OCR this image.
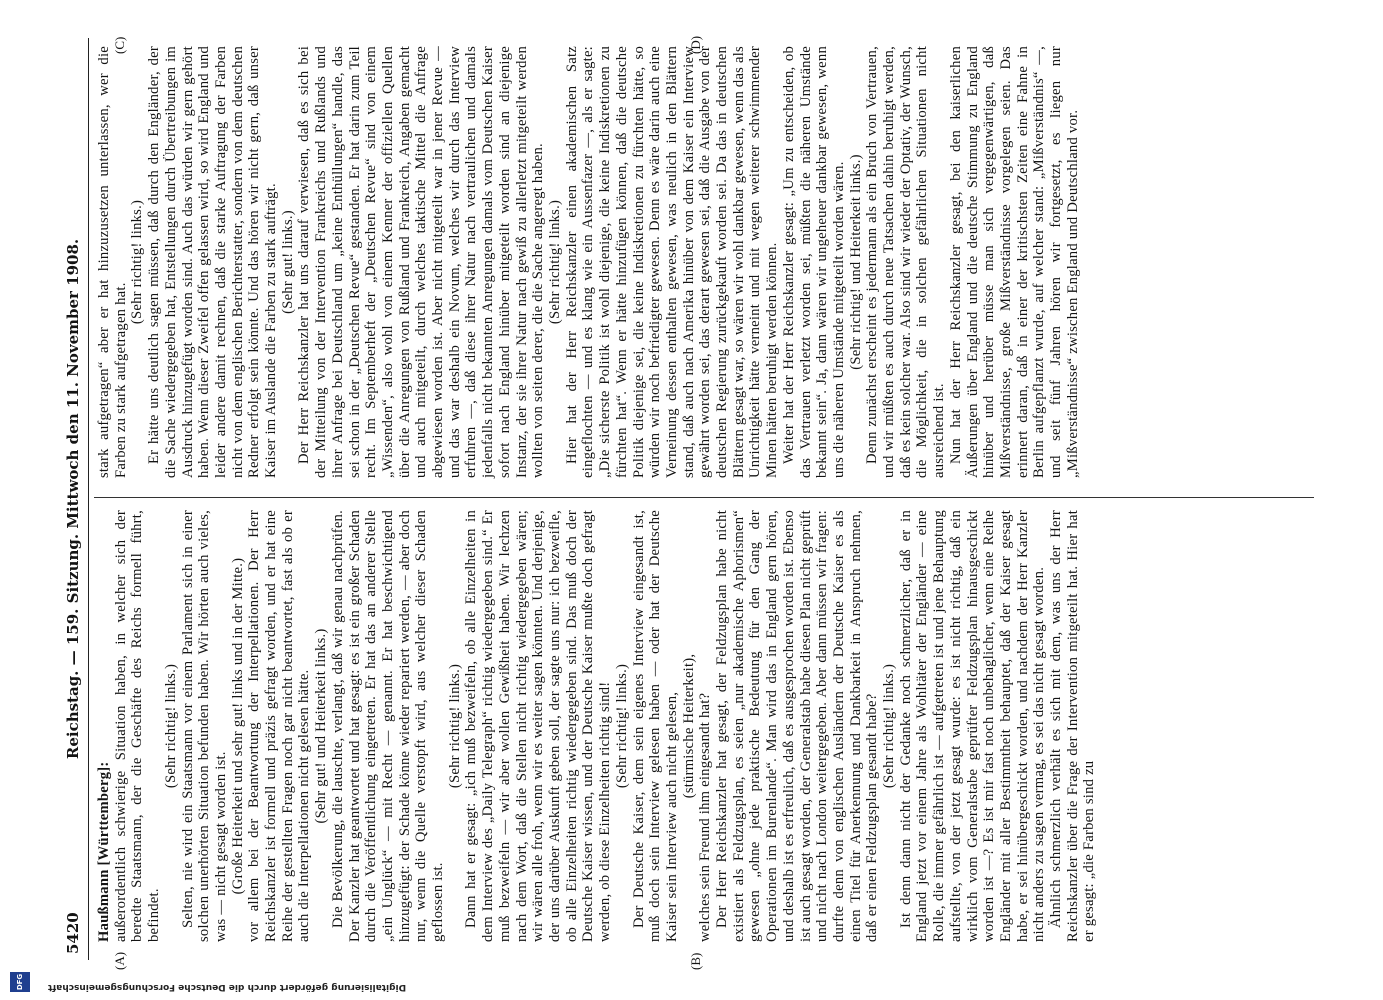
DFG	Digitalisierung gefördert durch die Deutsche Forschungsgemeinschaft
5420
Reichstag. — 159. Sitzung. Mittwoch den 11. November 1908.
(A)	(B)
(C)	(D)

Haußmann [Württemberg]: außerordentlich schwierige Situation haben, in welcher sich der beredte Staatsmann, der die Geschäfte des Reichs formell führt, befindet.

(Sehr richtig! links.) Selten, nie wird ein Staatsmann vor einem Parlament sich in einer solchen unerhörten Situation befunden haben. Wir hörten auch vieles, was — nicht gesagt worden ist. (Große Heiterkeit und sehr gut! links und in der Mitte.) vor allem bei der Beantwortung der Interpellationen. Der Herr Reichskanzler ist formell und präzis gefragt worden, und er hat eine Reihe der gestellten Fragen noch gar nicht beantwortet, fast als ob er auch die Interpellationen nicht gelesen hätte. (Sehr gut! und Heiterkeit links.) Die Bevölkerung, die lauschte, verlangt, daß wir genau nachprüfen. Der Kanzler hat geantwortet und hat gesagt: es ist ein großer Schaden durch die Veröffentlichung eingetreten. Er hat das an anderer Stelle „ein Unglück“ — mit Recht — genannt. Er hat beschwichtigend hinzugefügt: der Schade könne wieder repariert werden, — aber doch nur, wenn die Quelle verstopft wird, aus welcher dieser Schaden geflossen ist.

(Sehr richtig! links.) Dann hat er gesagt: „ich muß bezweifeln, ob alle Einzelheiten in dem Interview des „Daily Telegraph“ richtig wiedergegeben sind.“ Er muß bezweifeln — wir aber wollen Gewißheit haben. Wir lechzen nach dem Wort, daß die Stellen nicht richtig wiedergegeben wären; wir wären alle froh, wenn wir es weiter sagen könnten. Und derjenige, der uns darüber Auskunft geben soll, der sagte uns nur: ich bezweifle, ob alle Einzelheiten richtig wiedergegeben sind. Das muß doch der Deutsche Kaiser wissen, und der Deutsche Kaiser mußte doch gefragt werden, ob diese Einzelheiten richtig sind! (Sehr richtig! links.) Der Deutsche Kaiser, dem sein eigenes Interview eingesandt ist, muß doch sein Interview gelesen haben — oder hat der Deutsche Kaiser sein Interview auch nicht gelesen, (stürmische Heiterkeit), welches sein Freund ihm eingesandt hat? Der Herr Reichskanzler hat gesagt, der Feldzugsplan habe nicht existiert als Feldzugsplan, es seien „nur akademische Aphorismen“ gewesen „ohne jede praktische Bedeutung für den Gang der Operationen im Burenlande“. Man wird das in England gern hören, und deshalb ist es erfreulich, daß es ausgesprochen worden ist. Ebenso ist auch gesagt worden, der Generalstab habe diesen Plan nicht geprüft und nicht nach London weitergegeben. Aber dann müssen wir fragen: durfte denn von englischen Ausländern der Deutsche Kaiser es als einen Titel für Anerkennung und Dankbarkeit in Anspruch nehmen, daß er einen Feldzugsplan gesandt habe? (Sehr richtig! links.) Ist denn dann nicht der Gedanke noch schmerzlicher, daß er in England jetzt vor einem Jahre als Wohltäter der Engländer — eine Rolle, die immer gefährlich ist — aufgetreten ist und jene Behauptung aufstellte, von der jetzt gesagt wurde: es ist nicht richtig, daß ein wirklich vom Generalstabe geprüfter Feldzugsplan hinausgeschickt worden ist —? Es ist mir fast noch unbehaglicher, wenn eine Reihe Engländer mit aller Bestimmtheit behauptet, daß der Kaiser gesagt habe, er sei hinübergeschickt worden, und nachdem der Herr Kanzler nicht anders zu sagen vermag, es sei das nicht gesagt worden. Ähnlich schmerzlich verhält es sich mit dem, was uns der Herr Reichskanzler über die Frage der Intervention mitgeteilt hat. Hier hat er gesagt: „die Farben sind zu

stark aufgetragen“ aber er hat hinzuzusetzen unterlassen, wer die Farben zu stark aufgetragen hat.

(Sehr richtig! links.) Er hätte uns deutlich sagen müssen, daß durch den Engländer, der die Sache wiedergegeben hat, Entstellungen durch Übertreibungen im Ausdruck hinzugefügt worden sind. Auch das würden wir gern gehört haben. Wenn dieser Zweifel offen gelassen wird, so wird England und leider andere damit rechnen, daß die starke Auftragung der Farben nicht von dem englischen Berichterstatter, sondern von dem deutschen Redner erfolgt sein könnte. Und das hören wir nicht gern, daß unser Kaiser im Auslande die Farben zu stark aufträgt. (Sehr gut! links.) Der Herr Reichskanzler hat uns darauf verwiesen, daß es sich bei der Mitteilung von der Intervention Frankreichs und Rußlands und ihrer Anfrage bei Deutschland um „keine Enthüllungen“ handle, das sei schon in der „Deutschen Revue“ gestanden. Er hat darin zum Teil recht. Im Septemberheft der „Deutschen Revue“ sind von einem „Wissenden“, also wohl von einem Kenner der offiziellen Quellen über die Anregungen von Rußland und Frankreich, Angaben gemacht und auch mitgeteilt, durch welches taktische Mittel die Anfrage abgewiesen worden ist. Aber nicht mitgeteilt war in jener Revue — und das war deshalb ein Novum, welches wir durch das Interview erfuhren —, daß diese ihrer Natur nach vertraulichen und damals jedenfalls nicht bekannten Anregungen damals vom Deutschen Kaiser sofort nach England hinüber mitgeteilt worden sind an diejenige Instanz, der sie ihrer Natur nach gewiß zu allerletzt mitgeteilt werden wollten von seiten derer, die die Sache angeregt haben. (Sehr richtig! links.) Hier hat der Herr Reichskanzler einen akademischen Satz eingeflochten — und es klang wie ein Aussenfazer —, als er sagte: „Die sicherste Politik ist wohl diejenige, die keine Indiskretionen zu fürchten hat“. Wenn er hätte hinzufügen können, daß die deutsche Politik diejenige sei, die keine Indiskretionen zu fürchten hätte, so würden wir noch befriedigter gewesen. Denn es wäre darin auch eine Verneinung dessen enthalten gewesen, was neulich in den Blättern stand, daß auch nach Amerika hinüber von dem Kaiser ein Interview gewährt worden sei, das derart gewesen sei, daß die Ausgabe von der deutschen Regierung zurückgekauft worden sei. Da das in deutschen Blättern gesagt war, so wären wir wohl dankbar gewesen, wenn das als Unrichtigkeit hätte verneint und mit wegen weiterer schwimmender Minen hätten beruhigt werden können. Weiter hat der Herr Reichskanzler gesagt: „Um zu entscheiden, ob das Vertrauen verletzt worden sei, müßten die näheren Umstände bekannt sein“. Ja, dann wären wir ungeheuer dankbar gewesen, wenn uns die näheren Umstände mitgeteilt worden wären. (Sehr richtig! und Heiterkeit links.) Denn zunächst erscheint es jedermann als ein Bruch von Vertrauen, und wir müßten es auch durch neue Tatsachen dahin beruhigt werden, daß es kein solcher war. Also sind wir wieder der Optativ, der Wunsch, die Möglichkeit, die in solchen gefährlichen Situationen nicht ausreichend ist. Nun hat der Herr Reichskanzler gesagt, bei den kaiserlichen Äußerungen über England und die deutsche Stimmung zu England hinüber und herüber müsse man sich vergegenwärtigen, daß Mißverständnisse, große Mißverständnisse vorgelegen seien. Das erinnert daran, daß in einer der kritischsten Zeiten eine Fahne in Berlin aufgepflanzt wurde, auf welcher stand: „Mißverständnis“ —, und seit fünf Jahren hören wir fortgesetzt, es liegen nur „Mißverständnisse“ zwischen England und Deutschland vor.
